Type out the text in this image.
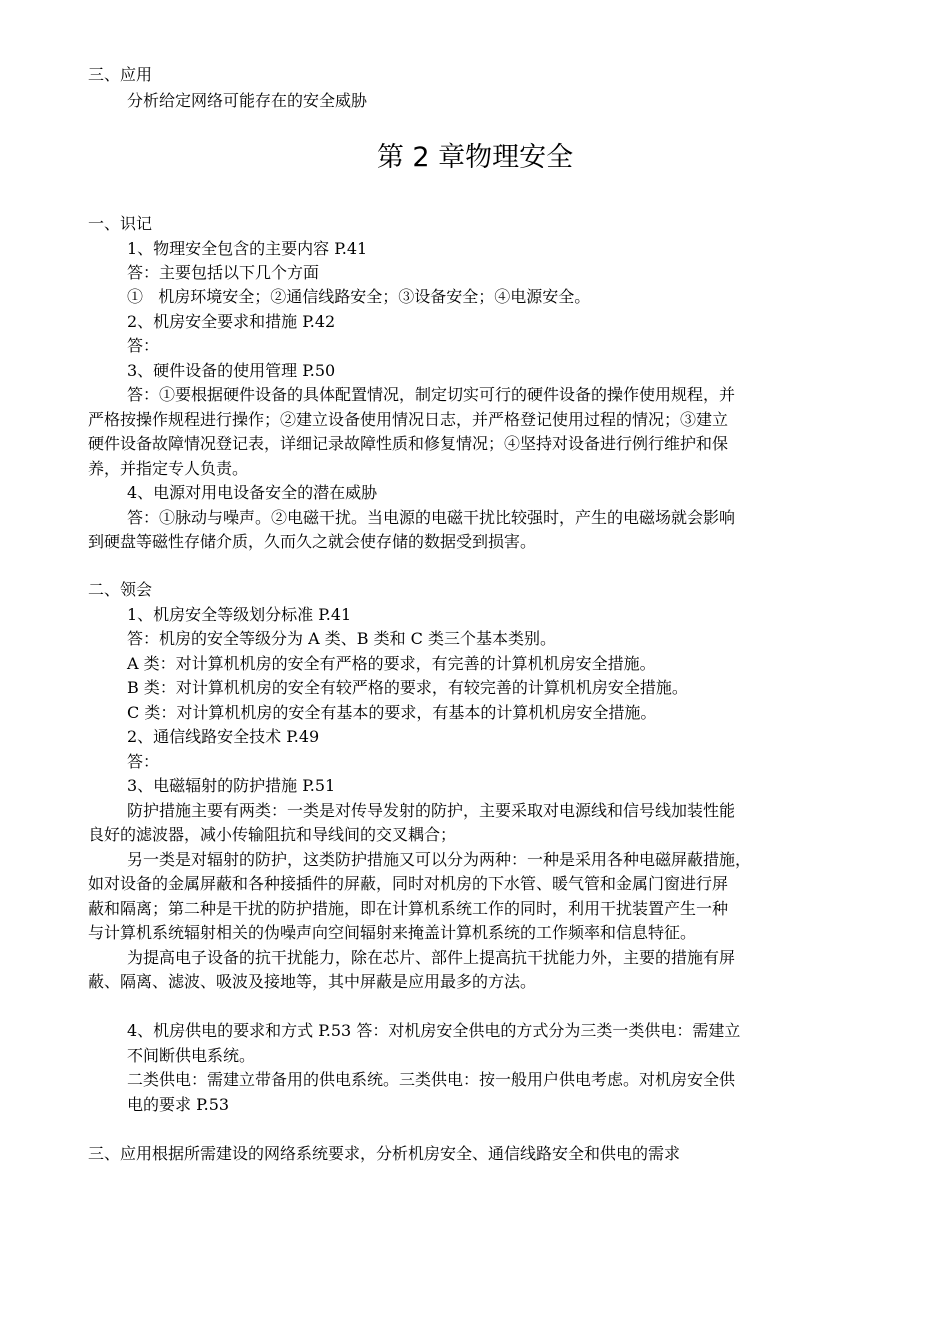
三、应用
分析给定网络可能存在的安全威胁
第 2 章物理安全
一、识记
1、物理安全包含的主要内容 P.41
答：主要包括以下几个方面
①   机房环境安全；②通信线路安全；③设备安全；④电源安全。
2、机房安全要求和措施 P.42
答：
3、硬件设备的使用管理 P.50
答：①要根据硬件设备的具体配置情况，制定切实可行的硬件设备的操作使用规程，并
严格按操作规程进行操作；②建立设备使用情况日志，并严格登记使用过程的情况；③建立
硬件设备故障情况登记表，详细记录故障性质和修复情况；④坚持对设备进行例行维护和保
养，并指定专人负责。
4、电源对用电设备安全的潜在威胁
答：①脉动与噪声。②电磁干扰。当电源的电磁干扰比较强时，产生的电磁场就会影响
到硬盘等磁性存储介质，久而久之就会使存储的数据受到损害。
二、领会
1、机房安全等级划分标准 P.41
答：机房的安全等级分为 A 类、B 类和 C 类三个基本类别。
A 类：对计算机机房的安全有严格的要求，有完善的计算机机房安全措施。
B 类：对计算机机房的安全有较严格的要求，有较完善的计算机机房安全措施。
C 类：对计算机机房的安全有基本的要求，有基本的计算机机房安全措施。
2、通信线路安全技术 P.49
答：
3、电磁辐射的防护措施 P.51
防护措施主要有两类：一类是对传导发射的防护，主要采取对电源线和信号线加装性能
良好的滤波器，减小传输阻抗和导线间的交叉耦合；
另一类是对辐射的防护，这类防护措施又可以分为两种：一种是采用各种电磁屏蔽措施，
如对设备的金属屏蔽和各种接插件的屏蔽，同时对机房的下水管、暖气管和金属门窗进行屏
蔽和隔离；第二种是干扰的防护措施，即在计算机系统工作的同时，利用干扰装置产生一种
与计算机系统辐射相关的伪噪声向空间辐射来掩盖计算机系统的工作频率和信息特征。
为提高电子设备的抗干扰能力，除在芯片、部件上提高抗干扰能力外，主要的措施有屏
蔽、隔离、滤波、吸波及接地等，其中屏蔽是应用最多的方法。
4、机房供电的要求和方式 P.53 答：对机房安全供电的方式分为三类一类供电：需建立
不间断供电系统。
二类供电：需建立带备用的供电系统。三类供电：按一般用户供电考虑。对机房安全供
电的要求 P.53
三、应用根据所需建设的网络系统要求，分析机房安全、通信线路安全和供电的需求
